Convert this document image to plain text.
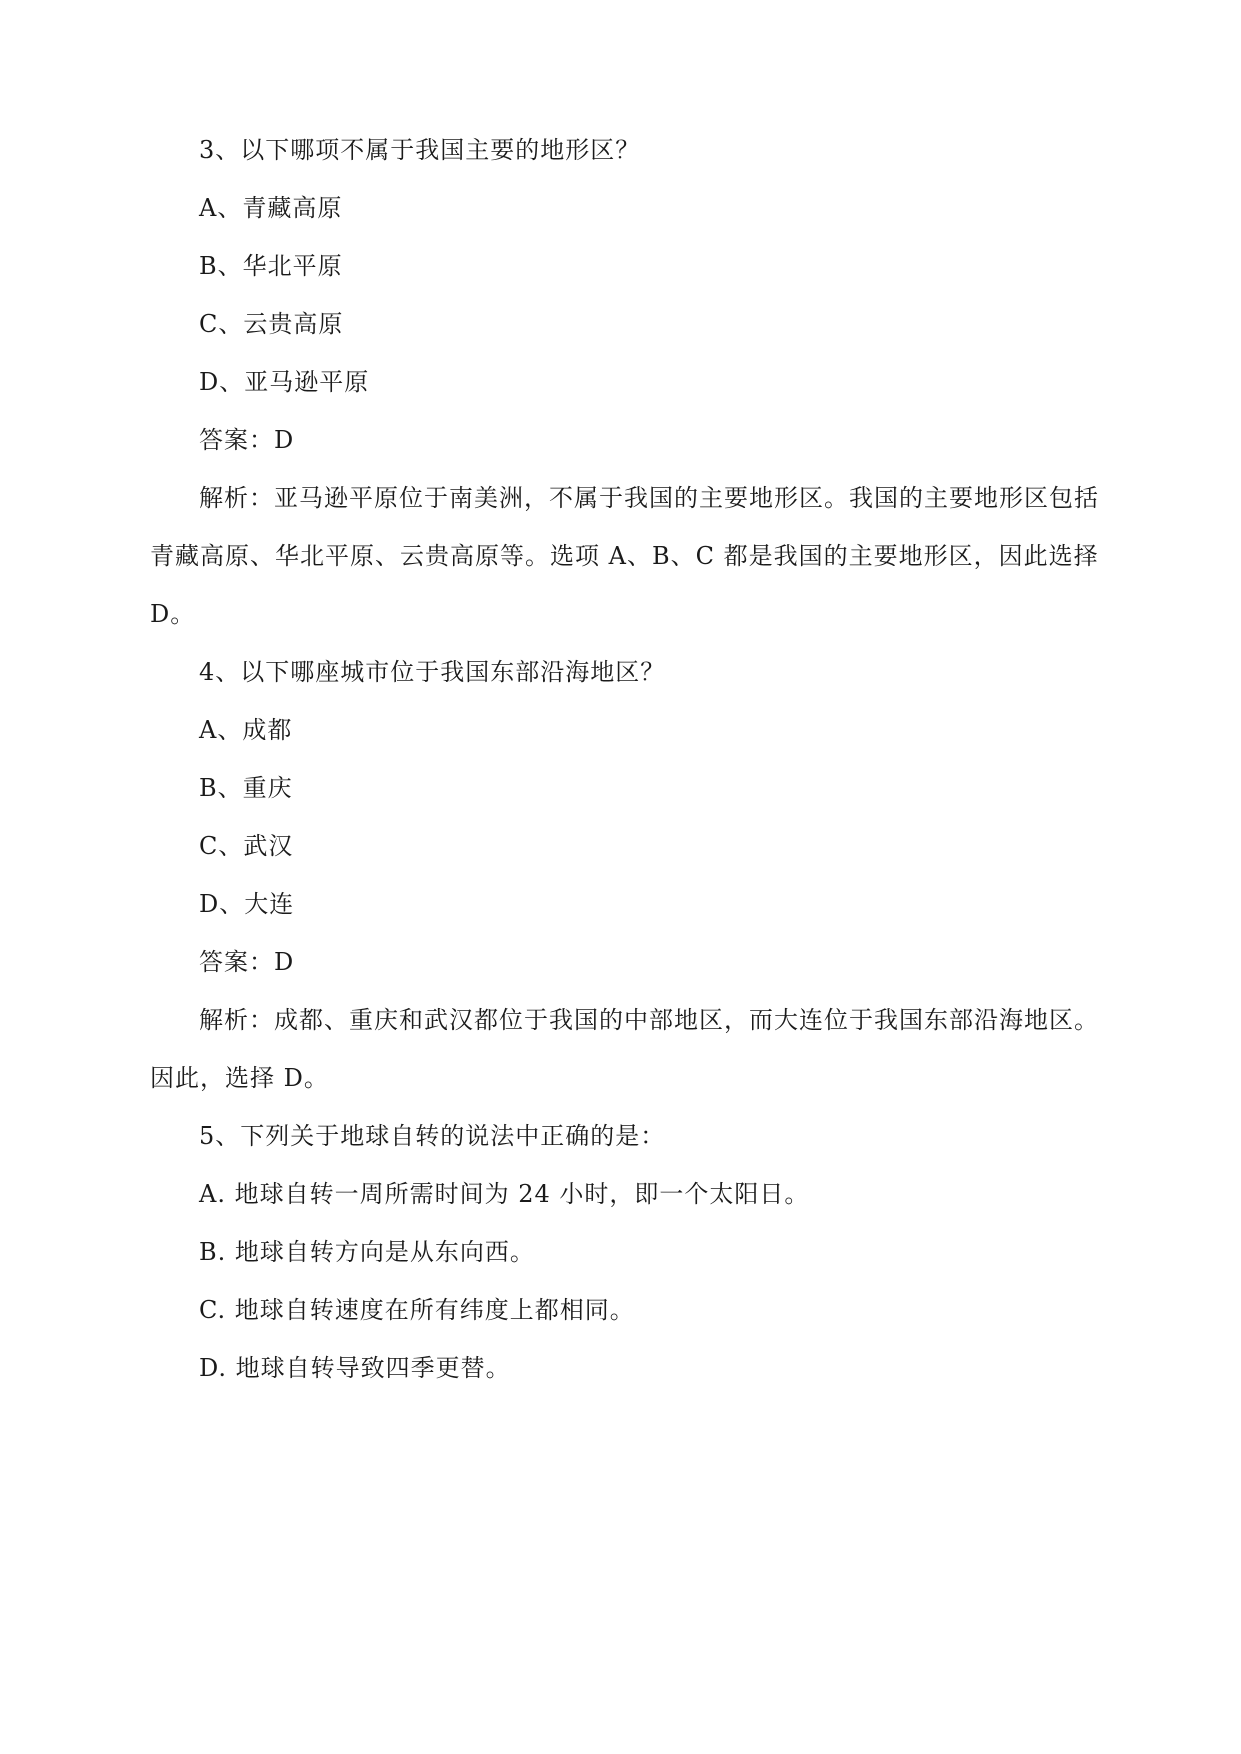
3、以下哪项不属于我国主要的地形区？
A、青藏高原
B、华北平原
C、云贵高原
D、亚马逊平原
答案：D
解析：亚马逊平原位于南美洲，不属于我国的主要地形区。我国的主要地形区包括
青藏高原、华北平原、云贵高原等。选项 A、B、C 都是我国的主要地形区，因此选择
D。
4、以下哪座城市位于我国东部沿海地区？
A、成都
B、重庆
C、武汉
D、大连
答案：D
解析：成都、重庆和武汉都位于我国的中部地区，而大连位于我国东部沿海地区。
因此，选择 D。
5、下列关于地球自转的说法中正确的是：
A. 地球自转一周所需时间为 24 小时，即一个太阳日。
B. 地球自转方向是从东向西。
C. 地球自转速度在所有纬度上都相同。
D. 地球自转导致四季更替。
